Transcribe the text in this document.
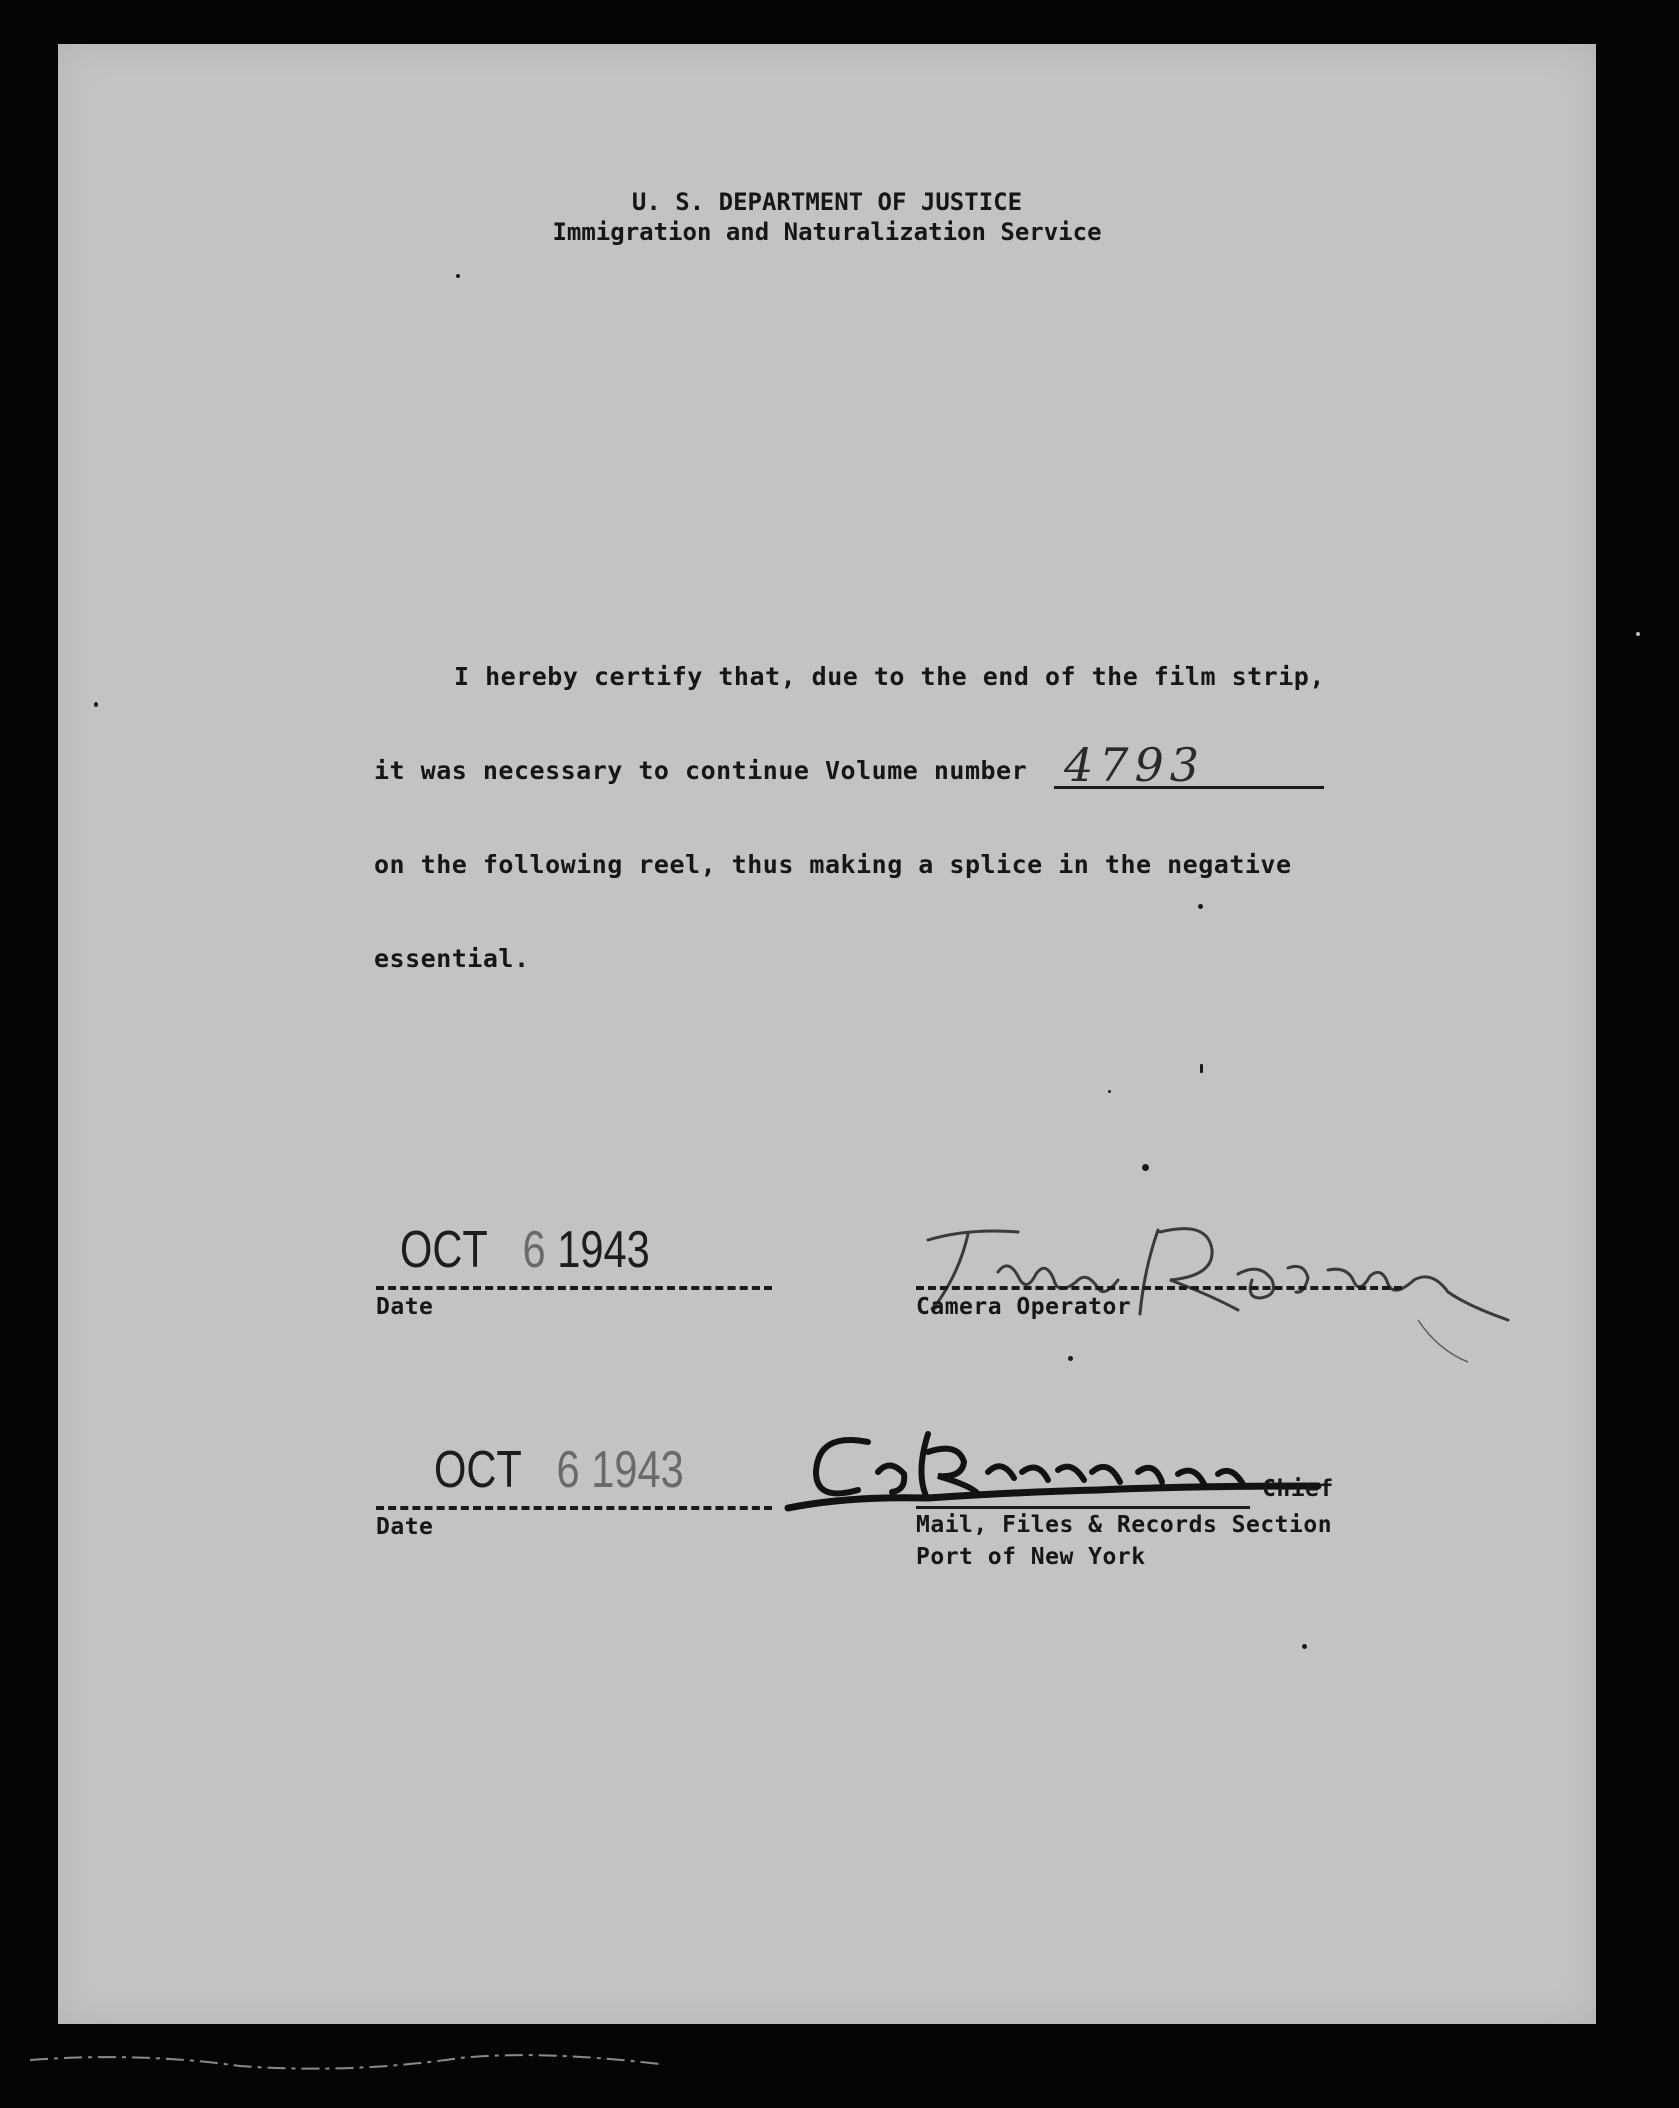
U. S. DEPARTMENT OF JUSTICE
Immigration and Naturalization Service
I hereby certify that, due to the end of the film strip,
it was necessary to continue Volume number 4793
on the following reel, thus making a splice in the negative
essential.
OCT 6 1943
Date	Camera Operator
OCT 6 1943
Date
Chief
Mail, Files & Records Section
Port of New York
